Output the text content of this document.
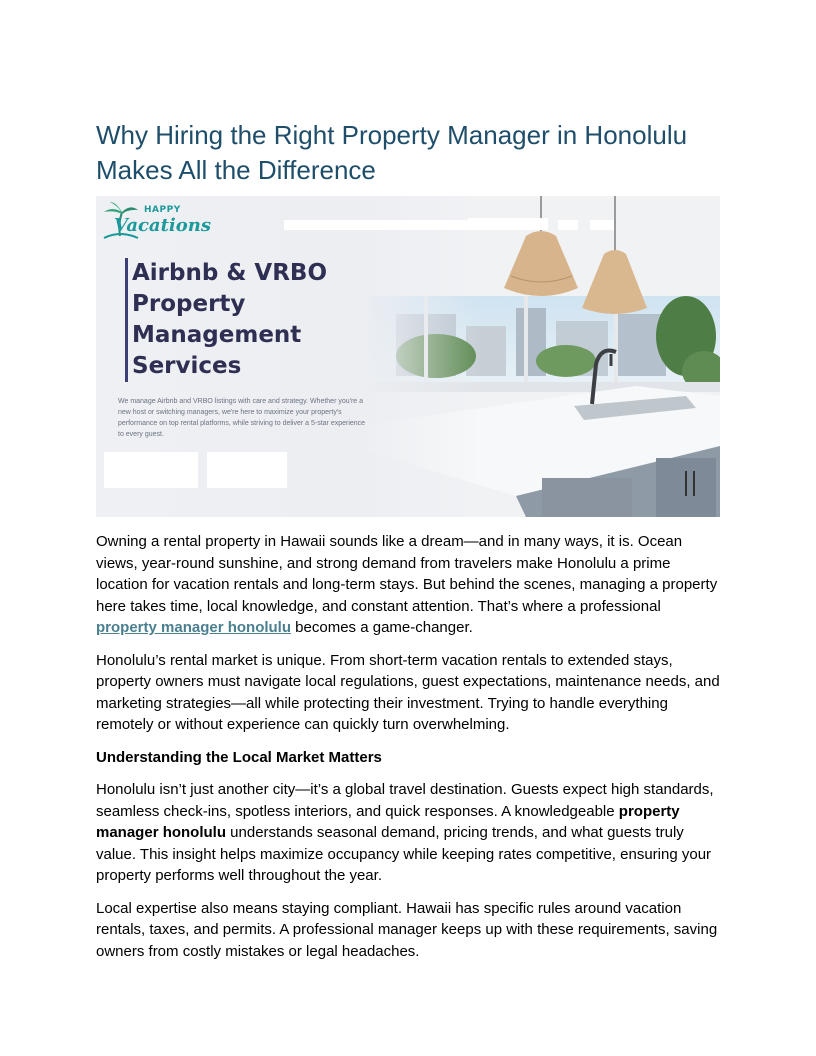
Why Hiring the Right Property Manager in Honolulu Makes All the Difference
HAPPY
Vacations
Airbnb & VRBO
Property
Management
Services
We manage Airbnb and VRBO listings with care and strategy. Whether you're a new host or switching managers, we're here to maximize your property's performance on top rental platforms, while striving to deliver a 5-star experience to every guest.

Owning a rental property in Hawaii sounds like a dream—and in many ways, it is. Ocean views, year-round sunshine, and strong demand from travelers make Honolulu a prime location for vacation rentals and long-term stays. But behind the scenes, managing a property here takes time, local knowledge, and constant attention. That’s where a professional property manager honolulu becomes a game-changer.

Honolulu’s rental market is unique. From short-term vacation rentals to extended stays, property owners must navigate local regulations, guest expectations, maintenance needs, and marketing strategies—all while protecting their investment. Trying to handle everything remotely or without experience can quickly turn overwhelming.

Understanding the Local Market Matters

Honolulu isn’t just another city—it’s a global travel destination. Guests expect high standards, seamless check-ins, spotless interiors, and quick responses. A knowledgeable property manager honolulu understands seasonal demand, pricing trends, and what guests truly value. This insight helps maximize occupancy while keeping rates competitive, ensuring your property performs well throughout the year.

Local expertise also means staying compliant. Hawaii has specific rules around vacation rentals, taxes, and permits. A professional manager keeps up with these requirements, saving owners from costly mistakes or legal headaches.
